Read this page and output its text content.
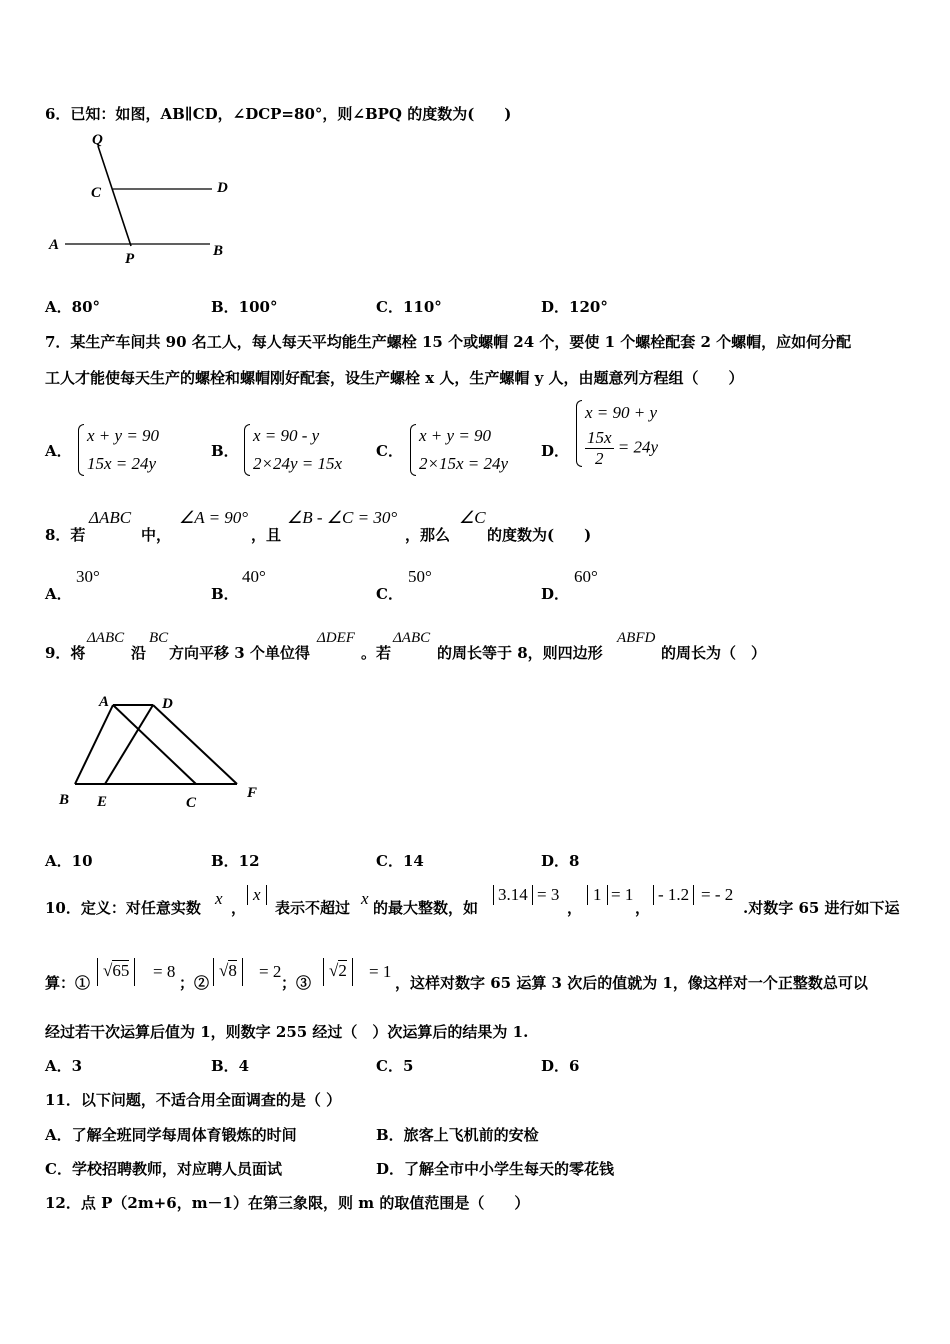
6．已知：如图，AB∥CD，∠DCP=80°，则∠BPQ 的度数为(　　)
Q
C	D
A
P	B
A．80°	B．100°	C．110°	D．120°
7．某生产车间共 90 名工人，每人每天平均能生产螺栓 15 个或螺帽 24 个，要使 1 个螺栓配套 2 个螺帽，应如何分配
工人才能使每天生产的螺栓和螺帽刚好配套，设生产螺栓 x 人，生产螺帽 y 人，由题意列方程组（　　）
A．
x + y = 90
15x = 24y
B．
x = 90 - y
2×24y = 15x
C．
x + y = 90
2×15x = 24y
D．
x = 90 + y
$\frac{15x}{2} = 24y$
8．若
ΔABC
中，
∠A = 90°
，且
∠B - ∠C = 30°
，那么
∠C
的度数为(　　)
A．
30°
B．
40°
C．
50°
D．
60°
9．将
ΔABC
沿
BC
方向平移 3 个单位得
ΔDEF
。若
ΔABC
的周长等于 8，则四边形
ABFD
的周长为（　）
A	D
B E	C
F
A．10	B．12	C．14	D．8
10．定义：对任意实数 x ，
x
表示不超过 x 的最大整数，如
3.14 = 3
，
1 = 1
，
- 1.2 = - 2
.对数字 65 进行如下运
算：①
√65	= 8
；②
√8	= 2
；③
√2	= 1
，这样对数字 65 运算 3 次后的值就为 1，像这样对一个正整数总可以
经过若干次运算后值为 1，则数字 255 经过（　）次运算后的结果为 1.
A．3	B．4	C．5	D．6
11．以下问题，不适合用全面调查的是（ ）
A．了解全班同学每周体育锻炼的时间	B．旅客上飞机前的安检
C．学校招聘教师，对应聘人员面试	D．了解全市中小学生每天的零花钱
12．点 P（2m+6，m－1）在第三象限，则 m 的取值范围是（　　）
